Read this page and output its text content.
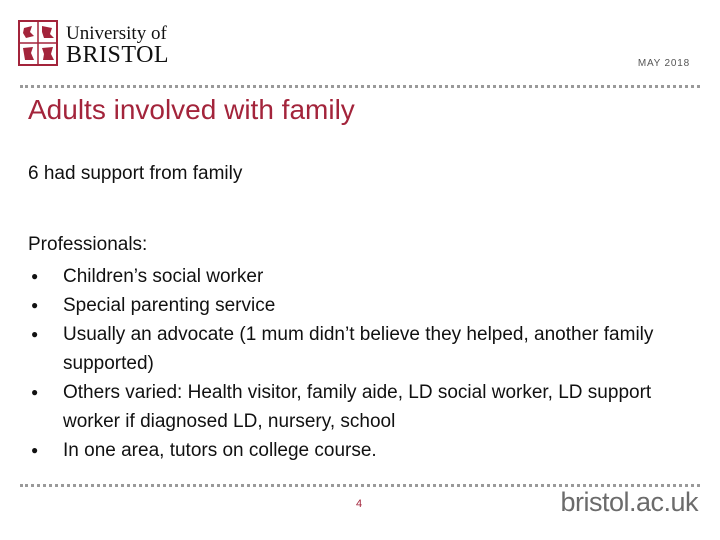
University of
BRISTOL	MAY 2018
Adults involved with family
6 had support from family
Professionals:
● Children’s social worker
● Special parenting service
● Usually an advocate (1 mum didn’t believe they helped, another family supported)
● Others varied: Health visitor, family aide, LD social worker, LD support worker if diagnosed LD, nursery, school
● In one area, tutors on college course.
4	bristol.ac.uk
